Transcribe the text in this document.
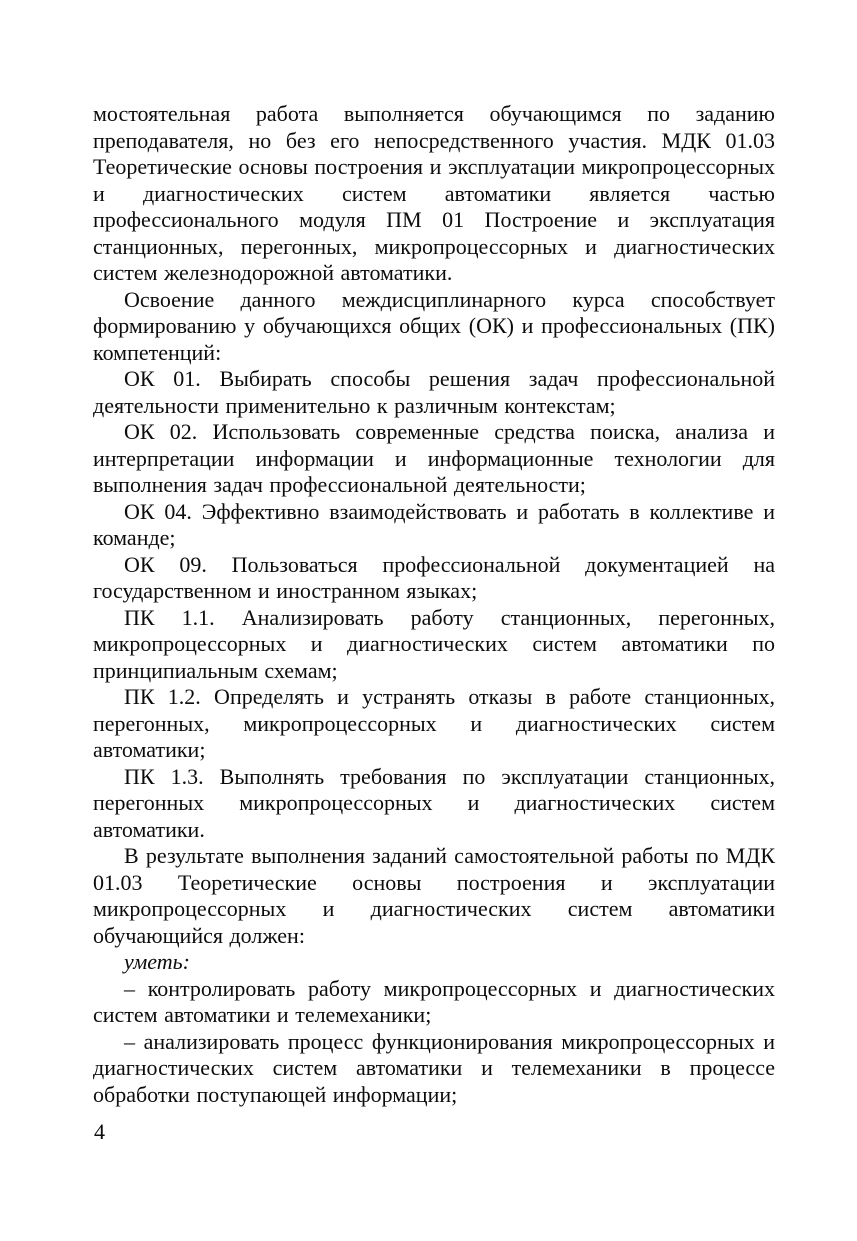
мостоятельная работа выполняется обучающимся по заданию преподавателя, но без его непосредственного участия. МДК 01.03 Теоретические основы построения и эксплуатации микропроцессорных и диагностических систем автоматики является частью профессионального модуля ПМ 01 Построение и эксплуатация станционных, перегонных, микропроцессорных и диагностических систем железнодорожной автоматики.

Освоение данного междисциплинарного курса способствует формированию у обучающихся общих (ОК) и профессиональных (ПК) компетенций:

ОК 01. Выбирать способы решения задач профессиональной деятельности применительно к различным контекстам;

ОК 02. Использовать современные средства поиска, анализа и интерпретации информации и информационные технологии для выполнения задач профессиональной деятельности;

ОК 04. Эффективно взаимодействовать и работать в коллективе и команде;

ОК 09. Пользоваться профессиональной документацией на государственном и иностранном языках;

ПК 1.1. Анализировать работу станционных, перегонных, микропроцессорных и диагностических систем автоматики по принципиальным схемам;

ПК 1.2. Определять и устранять отказы в работе станционных, перегонных, микропроцессорных и диагностических систем автоматики;

ПК 1.3. Выполнять требования по эксплуатации станционных, перегонных микропроцессорных и диагностических систем автоматики.

В результате выполнения заданий самостоятельной работы по МДК 01.03 Теоретические основы построения и эксплуатации микропроцессорных и диагностических систем автоматики обучающийся должен:

уметь:

– контролировать работу микропроцессорных и диагностических систем автоматики и телемеханики;

– анализировать процесс функционирования микропроцессорных и диагностических систем автоматики и телемеханики в процессе обработки поступающей информации;

4
